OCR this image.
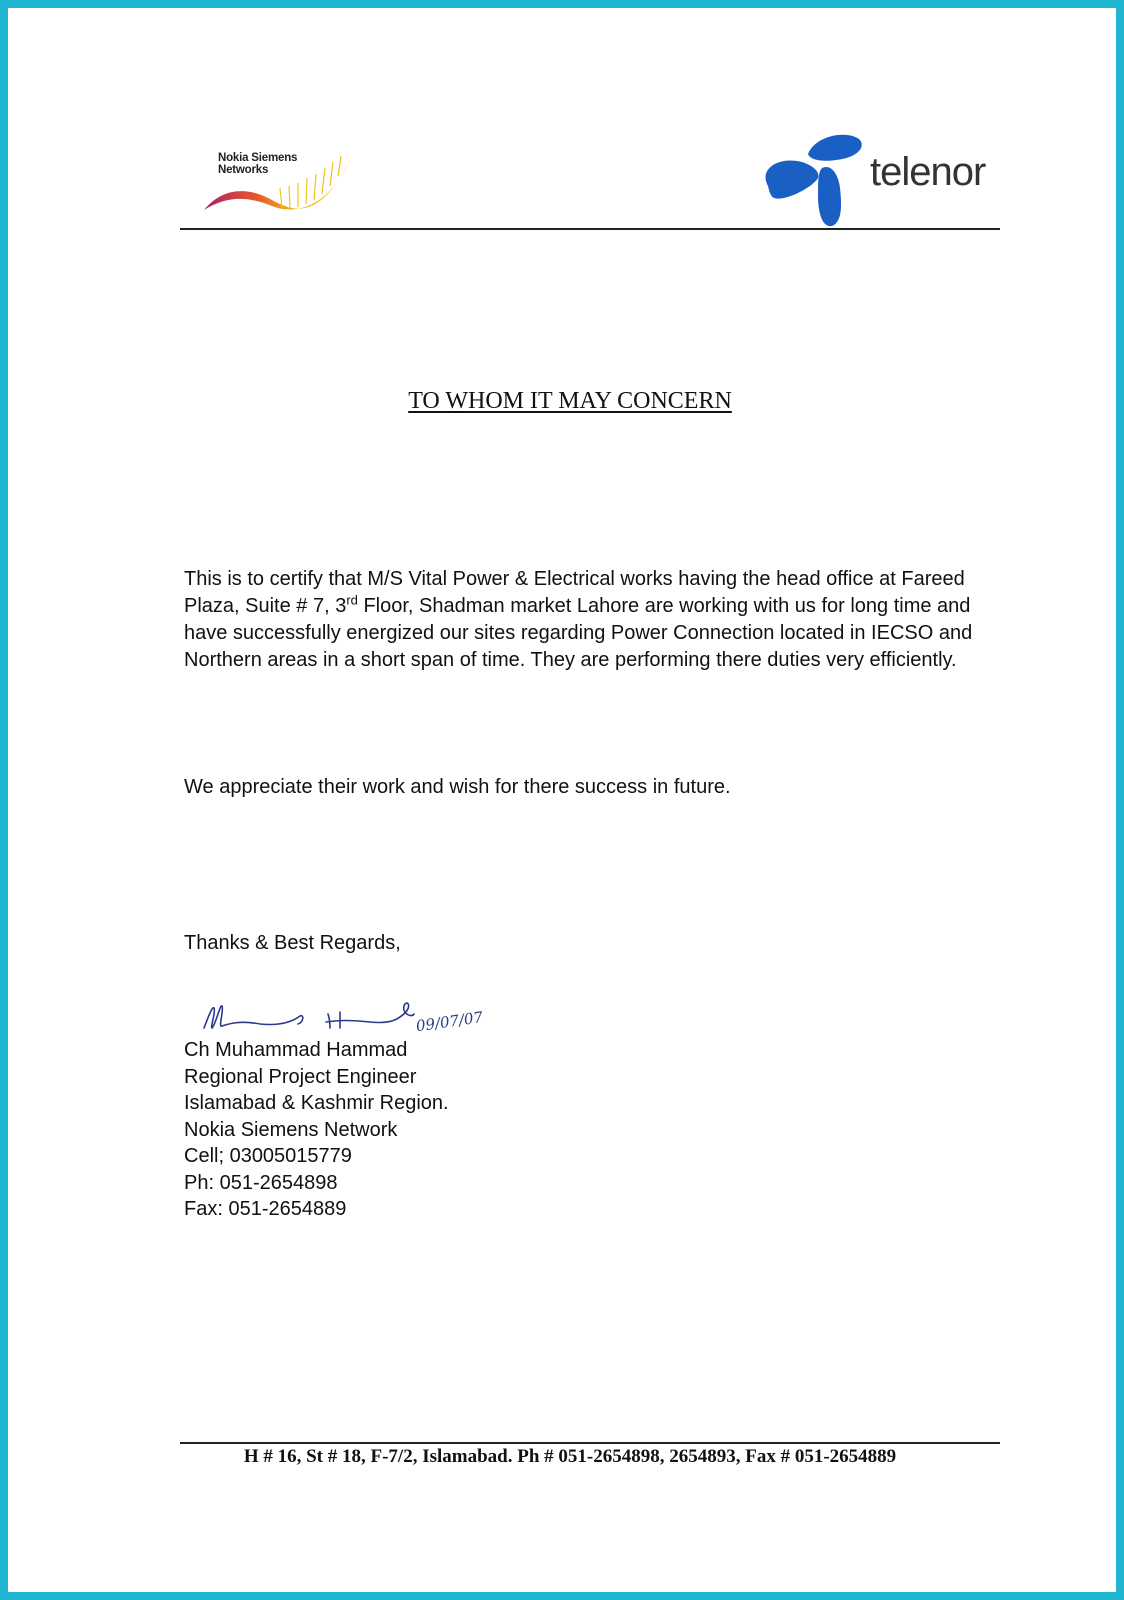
Nokia Siemens
Networks	telenor
TO WHOM IT MAY CONCERN
This is to certify that M/S Vital Power & Electrical works having the head office at Fareed Plaza, Suite # 7, 3rd Floor, Shadman market Lahore are working with us for long time and have successfully energized our sites regarding Power Connection located in IECSO and Northern areas in a short span of time. They are performing there duties very efficiently.
We appreciate their work and wish for there success in future.
Thanks & Best Regards,
09/07/07
Ch Muhammad Hammad
Regional Project Engineer
Islamabad & Kashmir Region.
Nokia Siemens Network
Cell; 03005015779
Ph: 051-2654898
Fax: 051-2654889
H # 16, St # 18, F-7/2, Islamabad. Ph # 051-2654898, 2654893, Fax # 051-2654889
